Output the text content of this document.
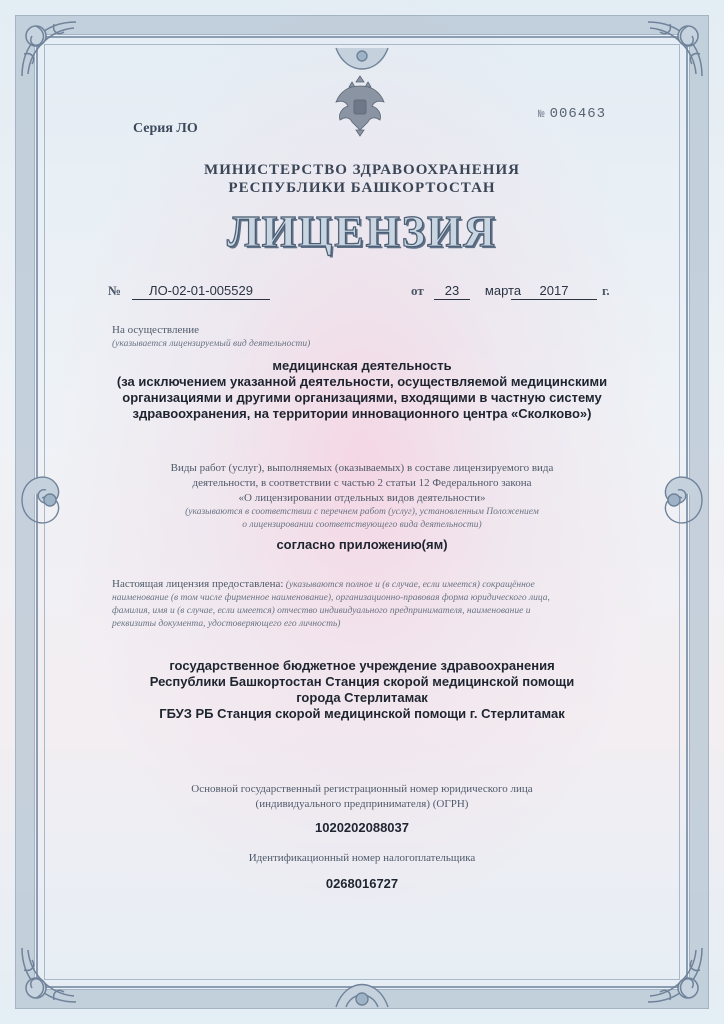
Серия ЛО
№ 006463
МИНИСТЕРСТВО ЗДРАВООХРАНЕНИЯ
РЕСПУБЛИКИ БАШКОРТОСТАН
ЛИЦЕНЗИЯ
№	ЛО-02-01-005529	от	23	марта	2017	г.
На осуществление
(указывается лицензируемый вид деятельности)
медицинская деятельность
(за исключением указанной деятельности, осуществляемой медицинскими
организациями и другими организациями, входящими в частную систему
здравоохранения, на территории инновационного центра «Сколково»)
Виды работ (услуг), выполняемых (оказываемых) в составе лицензируемого вида
деятельности, в соответствии с частью 2 статьи 12 Федерального закона
«О лицензировании отдельных видов деятельности»
(указываются в соответствии с перечнем работ (услуг), установленным Положением
о лицензировании соответствующего вида деятельности)
согласно приложению(ям)
Настоящая лицензия предоставлена: (указываются полное и (в случае, если имеется) сокращённое
наименование (в том числе фирменное наименование), организационно-правовая форма юридического лица,
фамилия, имя и (в случае, если имеется) отчество индивидуального предпринимателя, наименование и
реквизиты документа, удостоверяющего его личность)
государственное бюджетное учреждение здравоохранения
Республики Башкортостан Станция скорой медицинской помощи
города Стерлитамак
ГБУЗ РБ Станция скорой медицинской помощи г. Стерлитамак
Основной государственный регистрационный номер юридического лица
(индивидуального предпринимателя) (ОГРН)
1020202088037
Идентификационный номер налогоплательщика
0268016727
